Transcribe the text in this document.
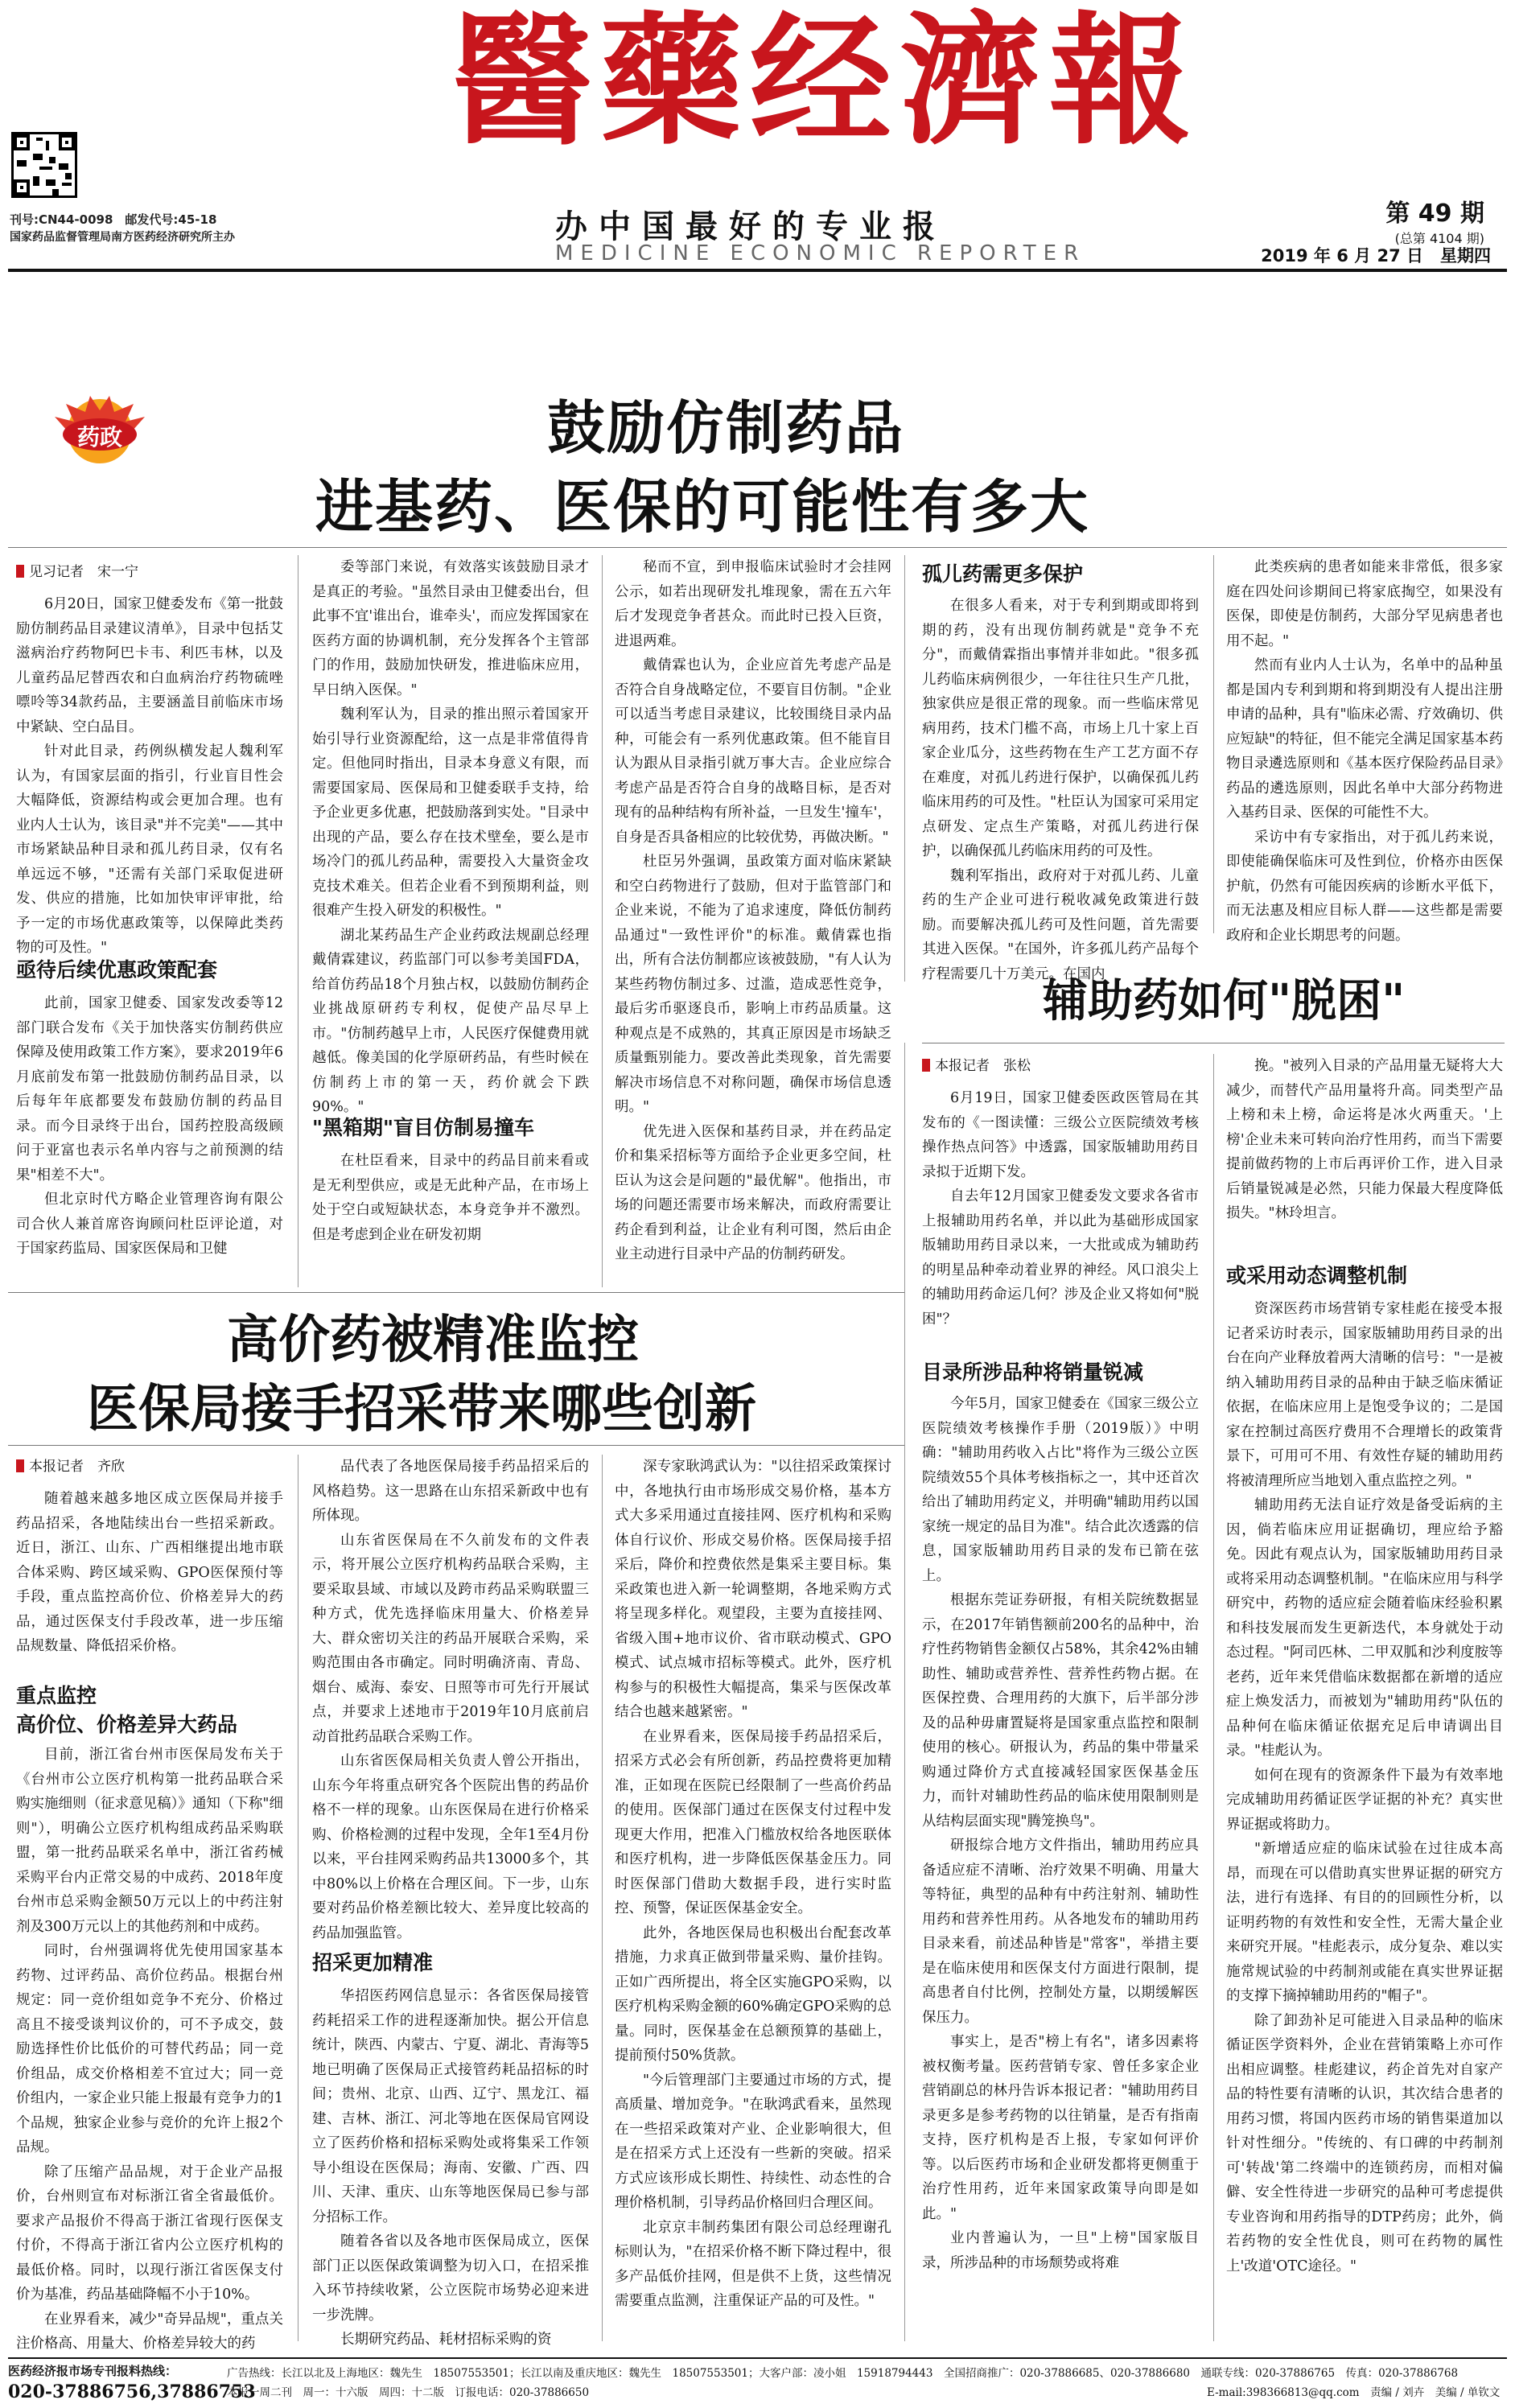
醫藥经濟報
刊号:CN44-0098　邮发代号:45-18
国家药品监督管理局南方医药经济研究所主办	办中国最好的专业报
MEDICINE ECONOMIC REPORTER
第 49 期
(总第 4104 期)
2019 年 6 月 27 日　星期四
药政	鼓励仿制药品
进基药、医保的可能性有多大
见习记者　宋一宁

6月20日，国家卫健委发布《第一批鼓励仿制药品目录建议清单》，目录中包括艾滋病治疗药物阿巴卡韦、利匹韦林，以及儿童药品尼替西农和白血病治疗药物硫唑嘌呤等34款药品，主要涵盖目前临床市场中紧缺、空白品目。

针对此目录，药例纵横发起人魏利军认为，有国家层面的指引，行业盲目性会大幅降低，资源结构或会更加合理。也有业内人士认为，该目录"并不完美"——其中市场紧缺品种目录和孤儿药目录，仅有名单远远不够，"还需有关部门采取促进研发、供应的措施，比如加快审评审批，给予一定的市场优惠政策等，以保障此类药物的可及性。"

亟待后续优惠政策配套

此前，国家卫健委、国家发改委等12部门联合发布《关于加快落实仿制药供应保障及使用政策工作方案》，要求2019年6月底前发布第一批鼓励仿制药品目录，以后每年年底都要发布鼓励仿制的药品目录。而今目录终于出台，国药控股高级顾问于亚富也表示名单内容与之前预测的结果"相差不大"。

但北京时代方略企业管理咨询有限公司合伙人兼首席咨询顾问杜臣评论道，对于国家药监局、国家医保局和卫健

委等部门来说，有效落实该鼓励目录才是真正的考验。"虽然目录由卫健委出台，但此事不宜'谁出台，谁牵头'，而应发挥国家在医药方面的协调机制，充分发挥各个主管部门的作用，鼓励加快研发，推进临床应用，早日纳入医保。"

魏利军认为，目录的推出照示着国家开始引导行业资源配给，这一点是非常值得肯定。但他同时指出，目录本身意义有限，而需要国家局、医保局和卫健委联手支持，给予企业更多优惠，把鼓励落到实处。"目录中出现的产品，要么存在技术壁垒，要么是市场冷门的孤儿药品种，需要投入大量资金攻克技术难关。但若企业看不到预期利益，则很难产生投入研发的积极性。"

湖北某药品生产企业药政法规副总经理戴倩霖建议，药监部门可以参考美国FDA，给首仿药品18个月独占权，以鼓励仿制药企业挑战原研药专利权，促使产品尽早上市。"仿制药越早上市，人民医疗保健费用就越低。像美国的化学原研药品，有些时候在仿制药上市的第一天，药价就会下跌90%。"

"黑箱期"盲目仿制易撞车

在杜臣看来，目录中的药品目前来看或是无利型供应，或是无此种产品，在市场上处于空白或短缺状态，本身竞争并不激烈。但是考虑到企业在研发初期

秘而不宣，到申报临床试验时才会挂网公示，如若出现研发扎堆现象，需在五六年后才发现竞争者甚众。而此时已投入巨资，进退两难。

戴倩霖也认为，企业应首先考虑产品是否符合自身战略定位，不要盲目仿制。"企业可以适当考虑目录建议，比较围绕目录内品种，可能会有一系列优惠政策。但不能盲目认为跟从目录指引就万事大吉。企业应综合考虑产品是否符合自身的战略目标，是否对现有的品种结构有所补益，一旦发生'撞车'，自身是否具备相应的比较优势，再做决断。"

杜臣另外强调，虽政策方面对临床紧缺和空白药物进行了鼓励，但对于监管部门和企业来说，不能为了追求速度，降低仿制药品通过"一致性评价"的标准。戴倩霖也指出，所有合法仿制都应该被鼓励，"有人认为某些药物仿制过多、过滥，造成恶性竞争，最后劣币驱逐良币，影响上市药品质量。这种观点是不成熟的，其真正原因是市场缺乏质量甄别能力。要改善此类现象，首先需要解决市场信息不对称问题，确保市场信息透明。"

优先进入医保和基药目录，并在药品定价和集采招标等方面给予企业更多空间，杜臣认为这会是问题的"最优解"。他指出，市场的问题还需要市场来解决，而政府需要让药企看到利益，让企业有利可图，然后由企业主动进行目录中产品的仿制药研发。

孤儿药需更多保护

在很多人看来，对于专利到期或即将到期的药，没有出现仿制药就是"竞争不充分"，而戴倩霖指出事情并非如此。"很多孤儿药临床病例很少，一年往往只生产几批，独家供应是很正常的现象。而一些临床常见病用药，技术门槛不高，市场上几十家上百家企业瓜分，这些药物在生产工艺方面不存在难度，对孤儿药进行保护，以确保孤儿药临床用药的可及性。"杜臣认为国家可采用定点研发、定点生产策略，对孤儿药进行保护，以确保孤儿药临床用药的可及性。

魏利军指出，政府对于对孤儿药、儿童药的生产企业可进行税收减免政策进行鼓励。而要解决孤儿药可及性问题，首先需要其进入医保。"在国外，许多孤儿药产品每个疗程需要几十万美元。在国内

此类疾病的患者如能来非常低，很多家庭在四处问诊期间已将家底掏空，如果没有医保，即使是仿制药，大部分罕见病患者也用不起。"

然而有业内人士认为，名单中的品种虽都是国内专利到期和将到期没有人提出注册申请的品种，具有"临床必需、疗效确切、供应短缺"的特征，但不能完全满足国家基本药物目录遴选原则和《基本医疗保险药品目录》药品的遴选原则，因此名单中大部分药物进入基药目录、医保的可能性不大。

采访中有专家指出，对于孤儿药来说，即使能确保临床可及性到位，价格亦由医保护航，仍然有可能因疾病的诊断水平低下，而无法惠及相应目标人群——这些都是需要政府和企业长期思考的问题。

辅助药如何"脱困"
本报记者　张松

6月19日，国家卫健委医政医管局在其发布的《一图读懂：三级公立医院绩效考核操作热点问答》中透露，国家版辅助用药目录拟于近期下发。

自去年12月国家卫健委发文要求各省市上报辅助用药名单，并以此为基础形成国家版辅助用药目录以来，一大批或成为辅助药的明星品种牵动着业界的神经。风口浪尖上的辅助用药命运几何？涉及企业又将如何"脱困"？

目录所涉品种将销量锐减

今年5月，国家卫健委在《国家三级公立医院绩效考核操作手册（2019版）》中明确："辅助用药收入占比"将作为三级公立医院绩效55个具体考核指标之一，其中还首次给出了辅助用药定义，并明确"辅助用药以国家统一规定的品目为准"。结合此次透露的信息，国家版辅助用药目录的发布已箭在弦上。

根据东莞证券研报，有相关院统数据显示，在2017年销售额前200名的品种中，治疗性药物销售金额仅占58%，其余42%由辅助性、辅助或营养性、营养性药物占据。在医保控费、合理用药的大旗下，后半部分涉及的品种毋庸置疑将是国家重点监控和限制使用的核心。研报认为，药品的集中带量采购通过降价方式直接减轻国家医保基金压力，而针对辅助性药品的临床使用限制则是从结构层面实现"腾笼换鸟"。

研报综合地方文件指出，辅助用药应具备适应症不清晰、治疗效果不明确、用量大等特征，典型的品种有中药注射剂、辅助性用药和营养性用药。从各地发布的辅助用药目录来看，前述品种皆是"常客"，举措主要是在临床使用和医保支付方面进行限制，提高患者自付比例，控制处方量，以期缓解医保压力。

事实上，是否"榜上有名"，诸多因素将被权衡考量。医药营销专家、曾任多家企业营销副总的林丹告诉本报记者："辅助用药目录更多是参考药物的以往销量，是否有指南支持，医疗机构是否上报，专家如何评价等。以后医药市场和企业研发都将更侧重于治疗性用药，近年来国家政策导向即是如此。"

业内普遍认为，一旦"上榜"国家版目录，所涉品种的市场颓势或将难

挽。"被列入目录的产品用量无疑将大大减少，而替代产品用量将升高。同类型产品上榜和未上榜，命运将是冰火两重天。'上榜'企业未来可转向治疗性用药，而当下需要提前做药物的上市后再评价工作，进入目录后销量锐减是必然，只能力保最大程度降低损失。"林玲坦言。

或采用动态调整机制

资深医药市场营销专家桂彪在接受本报记者采访时表示，国家版辅助用药目录的出台在向产业释放着两大清晰的信号："一是被纳入辅助用药目录的品种由于缺乏临床循证依据，在临床应用上是饱受争议的；二是国家在控制过高医疗费用不合理增长的政策背景下，可用可不用、有效性存疑的辅助用药将被清理所应当地划入重点监控之列。"

辅助用药无法自证疗效是备受诟病的主因，倘若临床应用证据确切，理应给予豁免。因此有观点认为，国家版辅助用药目录或将采用动态调整机制。"在临床应用与科学研究中，药物的适应症会随着临床经验积累和科技发展而发生更新迭代，本身就处于动态过程。"阿司匹林、二甲双胍和沙利度胺等老药，近年来凭借临床数据都在新增的适应症上焕发活力，而被划为"辅助用药"队伍的品种何在临床循证依据充足后申请调出目录。"桂彪认为。

如何在现有的资源条件下最为有效率地完成辅助用药循证医学证据的补充？真实世界证据或将助力。

"新增适应症的临床试验在过往成本高昂，而现在可以借助真实世界证据的研究方法，进行有选择、有目的的回顾性分析，以证明药物的有效性和安全性，无需大量企业来研究开展。"桂彪表示，成分复杂、难以实施常规试验的中药制剂或能在真实世界证据的支撑下摘掉辅助用药的"帽子"。

除了卸劲补足可能进入目录品种的临床循证医学资料外，企业在营销策略上亦可作出相应调整。桂彪建议，药企首先对自家产品的特性要有清晰的认识，其次结合患者的用药习惯，将国内医药市场的销售渠道加以针对性细分。"传统的、有口碑的中药制剂可'转战'第二终端中的连锁药房，而相对偏僻、安全性待进一步研究的品种可考虑提供专业咨询和用药指导的DTP药房；此外，倘若药物的安全性优良，则可在药物的属性上'改道'OTC途径。"

高价药被精准监控
医保局接手招采带来哪些创新
本报记者　齐欣

随着越来越多地区成立医保局并接手药品招采，各地陆续出台一些招采新政。近日，浙江、山东、广西相继提出地市联合体采购、跨区域采购、GPO医保预付等手段，重点监控高价位、价格差异大的药品，通过医保支付手段改革，进一步压缩品规数量、降低招采价格。

重点监控
高价位、价格差异大药品

目前，浙江省台州市医保局发布关于《台州市公立医疗机构第一批药品联合采购实施细则（征求意见稿）》通知（下称"细则"），明确公立医疗机构组成药品采购联盟，第一批药品联采名单中，浙江省药械采购平台内正常交易的中成药、2018年度台州市总采购金额50万元以上的中药注射剂及300万元以上的其他药剂和中成药。

同时，台州强调将优先使用国家基本药物、过评药品、高价位药品。根据台州规定：同一竞价组如竞争不充分、价格过高且不接受谈判议价的，可不予成交，鼓励选择性价比低价的可替代药品；同一竞价组品，成交价格相差不宜过大；同一竞价组内，一家企业只能上报最有竞争力的1个品规，独家企业参与竞价的允许上报2个品规。

除了压缩产品品规，对于企业产品报价，台州则宣布对标浙江省全省最低价。要求产品报价不得高于浙江省现行医保支付价，不得高于浙江省内公立医疗机构的最低价格。同时，以现行浙江省医保支付价为基准，药品基础降幅不小于10%。

在业界看来，减少"奇异品规"，重点关注价格高、用量大、价格差异较大的药

品代表了各地医保局接手药品招采后的风格趋势。这一思路在山东招采新政中也有所体现。

山东省医保局在不久前发布的文件表示，将开展公立医疗机构药品联合采购，主要采取县域、市域以及跨市药品采购联盟三种方式，优先选择临床用量大、价格差异大、群众密切关注的药品开展联合采购，采购范围由各市确定。同时明确济南、青岛、烟台、威海、泰安、日照等市可先行开展试点，并要求上述地市于2019年10月底前启动首批药品联合采购工作。

山东省医保局相关负责人曾公开指出，山东今年将重点研究各个医院出售的药品价格不一样的现象。山东医保局在进行价格采购、价格检测的过程中发现，全年1至4月份以来，平台挂网采购药品共13000多个，其中80%以上价格在合理区间。下一步，山东要对药品价格差额比较大、差异度比较高的药品加强监管。

招采更加精准

华招医药网信息显示：各省医保局接管药耗招采工作的进程逐渐加快。据公开信息统计，陕西、内蒙古、宁夏、湖北、青海等5地已明确了医保局正式接管药耗品招标的时间；贵州、北京、山西、辽宁、黑龙江、福建、吉林、浙江、河北等地在医保局官网设立了医药价格和招标采购处或将集采工作领导小组设在医保局；海南、安徽、广西、四川、天津、重庆、山东等地医保局已参与部分招标工作。

随着各省以及各地市医保局成立，医保部门正以医保政策调整为切入口，在招采推入环节持续收紧，公立医院市场势必迎来进一步洗牌。

长期研究药品、耗材招标采购的资

深专家耿鸿武认为："以往招采政策探讨中，各地执行由市场形成交易价格，基本方式大多采用通过直接挂网、医疗机构和采购体自行议价、形成交易价格。医保局接手招采后，降价和控费依然是集采主要目标。集采政策也进入新一轮调整期，各地采购方式将呈现多样化。观望段，主要为直接挂网、省级入围+地市议价、省市联动模式、GPO模式、试点城市招标等模式。此外，医疗机构参与的积极性大幅提高，集采与医保改革结合也越来越紧密。"

在业界看来，医保局接手药品招采后，招采方式必会有所创新，药品控费将更加精准，正如现在医院已经限制了一些高价药品的使用。医保部门通过在医保支付过程中发现更大作用，把准入门槛放权给各地医联体和医疗机构，进一步降低医保基金压力。同时医保部门借助大数据手段，进行实时监控、预警，保证医保基金安全。

此外，各地医保局也积极出台配套改革措施，力求真正做到带量采购、量价挂钩。正如广西所提出，将全区实施GPO采购，以医疗机构采购金额的60%确定GPO采购的总量。同时，医保基金在总额预算的基础上，提前预付50%货款。

"今后管理部门主要通过市场的方式，提高质量、增加竞争。"在耿鸿武看来，虽然现在一些招采政策对产业、企业影响很大，但是在招采方式上还没有一些新的突破。招采方式应该形成长期性、持续性、动态性的合理价格机制，引导药品价格回归合理区间。

北京京丰制药集团有限公司总经理谢孔标则认为，"在招采价格不断下降过程中，很多产品低价挂网，但是供不上货，这些情况需要重点监测，注重保证产品的可及性。"

医药经济报市场专刊报料热线：
020-37886756,37886753
广告热线：长江以北及上海地区：魏先生　18507553501；长江以南及重庆地区：魏先生　18507553501；大客户部：凌小姐　15918794443　全国招商推广：020-37886685、020-37886680　通联专线：020-37886765　传真：020-37886768
本报一周二刊　周一：十六版　周四：十二版　订报电话：020-37886650	E-mail:398366813@qq.com　责编 / 刘卉　美编 / 单钦文
